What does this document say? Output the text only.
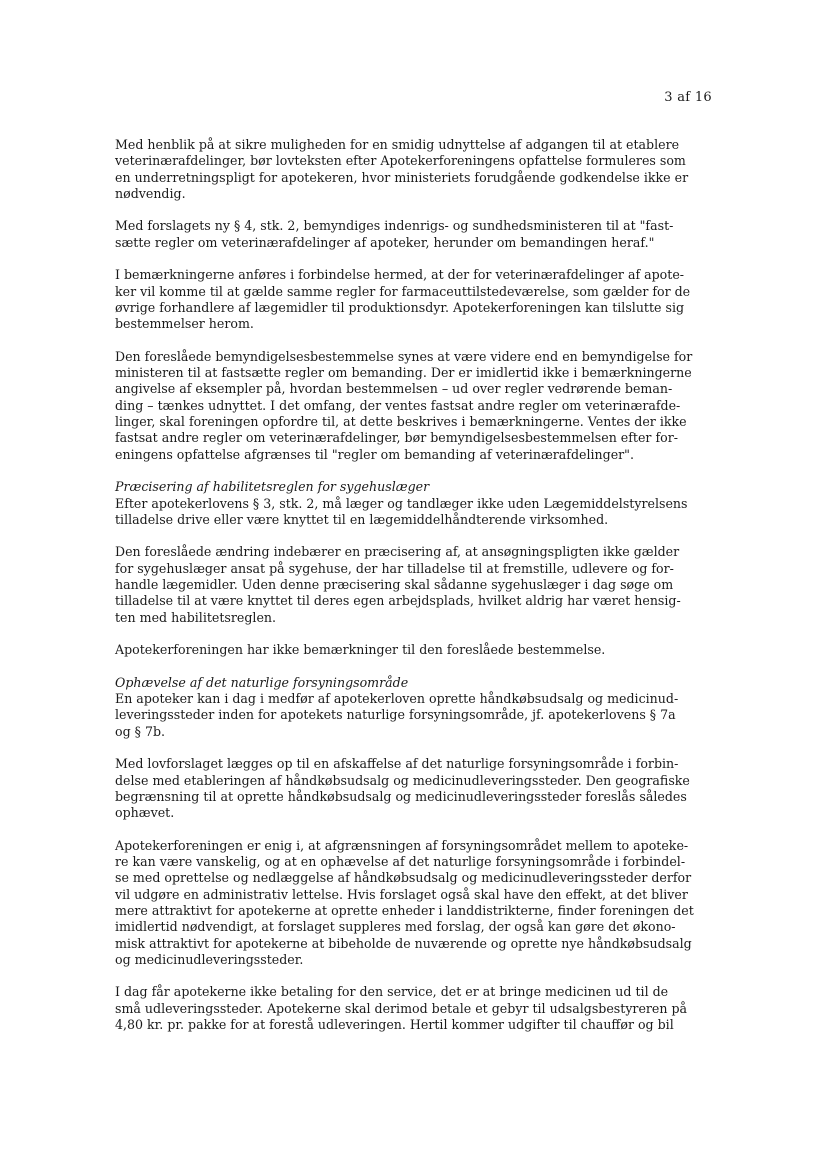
3 af 16

Med henblik på at sikre muligheden for en smidig udnyttelse af adgangen til at etablere
veterinærafdelinger, bør lovteksten efter Apotekerforeningens opfattelse formuleres som
en underretningspligt for apotekeren, hvor ministeriets forudgående godkendelse ikke er
nødvendig.

Med forslagets ny § 4, stk. 2, bemyndiges indenrigs- og sundhedsministeren til at "fast-
sætte regler om veterinærafdelinger af apoteker, herunder om bemandingen heraf."

I bemærkningerne anføres i forbindelse hermed, at der for veterinærafdelinger af apote-
ker vil komme til at gælde samme regler for farmaceuttilstedeværelse, som gælder for de
øvrige forhandlere af lægemidler til produktionsdyr. Apotekerforeningen kan tilslutte sig
bestemmelser herom.

Den foreslåede bemyndigelsesbestemmelse synes at være videre end en bemyndigelse for
ministeren til at fastsætte regler om bemanding. Der er imidlertid ikke i bemærkningerne
angivelse af eksempler på, hvordan bestemmelsen – ud over regler vedrørende beman-
ding – tænkes udnyttet. I det omfang, der ventes fastsat andre regler om veterinærafde-
linger, skal foreningen opfordre til, at dette beskrives i bemærkningerne. Ventes der ikke
fastsat andre regler om veterinærafdelinger, bør bemyndigelsesbestemmelsen efter for-
eningens opfattelse afgrænses til "regler om bemanding af veterinærafdelinger".

Præcisering af habilitetsreglen for sygehuslæger
Efter apotekerlovens § 3, stk. 2, må læger og tandlæger ikke uden Lægemiddelstyrelsens
tilladelse drive eller være knyttet til en lægemiddelhåndterende virksomhed.

Den foreslåede ændring indebærer en præcisering af, at ansøgningspligten ikke gælder
for sygehuslæger ansat på sygehuse, der har tilladelse til at fremstille, udlevere og for-
handle lægemidler. Uden denne præcisering skal sådanne sygehuslæger i dag søge om
tilladelse til at være knyttet til deres egen arbejdsplads, hvilket aldrig har været hensig-
ten med habilitetsreglen.

Apotekerforeningen har ikke bemærkninger til den foreslåede bestemmelse.

Ophævelse af det naturlige forsyningsområde
En apoteker kan i dag i medfør af apotekerloven oprette håndkøbsudsalg og medicinud-
leveringssteder inden for apotekets naturlige forsyningsområde, jf. apotekerlovens § 7a
og § 7b.

Med lovforslaget lægges op til en afskaffelse af det naturlige forsyningsområde i forbin-
delse med etableringen af håndkøbsudsalg og medicinudleveringssteder. Den geografiske
begrænsning til at oprette håndkøbsudsalg og medicinudleveringssteder foreslås således
ophævet.

Apotekerforeningen er enig i, at afgrænsningen af forsyningsområdet mellem to apoteke-
re kan være vanskelig, og at en ophævelse af det naturlige forsyningsområde i forbindel-
se med oprettelse og nedlæggelse af håndkøbsudsalg og medicinudleveringssteder derfor
vil udgøre en administrativ lettelse. Hvis forslaget også skal have den effekt, at det bliver
mere attraktivt for apotekerne at oprette enheder i landdistrikterne, finder foreningen det
imidlertid nødvendigt, at forslaget suppleres med forslag, der også kan gøre det økono-
misk attraktivt for apotekerne at bibeholde de nuværende og oprette nye håndkøbsudsalg
og medicinudleveringssteder.

I dag får apotekerne ikke betaling for den service, det er at bringe medicinen ud til de
små udleveringssteder. Apotekerne skal derimod betale et gebyr til udsalgsbestyreren på
4,80 kr. pr. pakke for at forestå udleveringen. Hertil kommer udgifter til chauffør og bil
